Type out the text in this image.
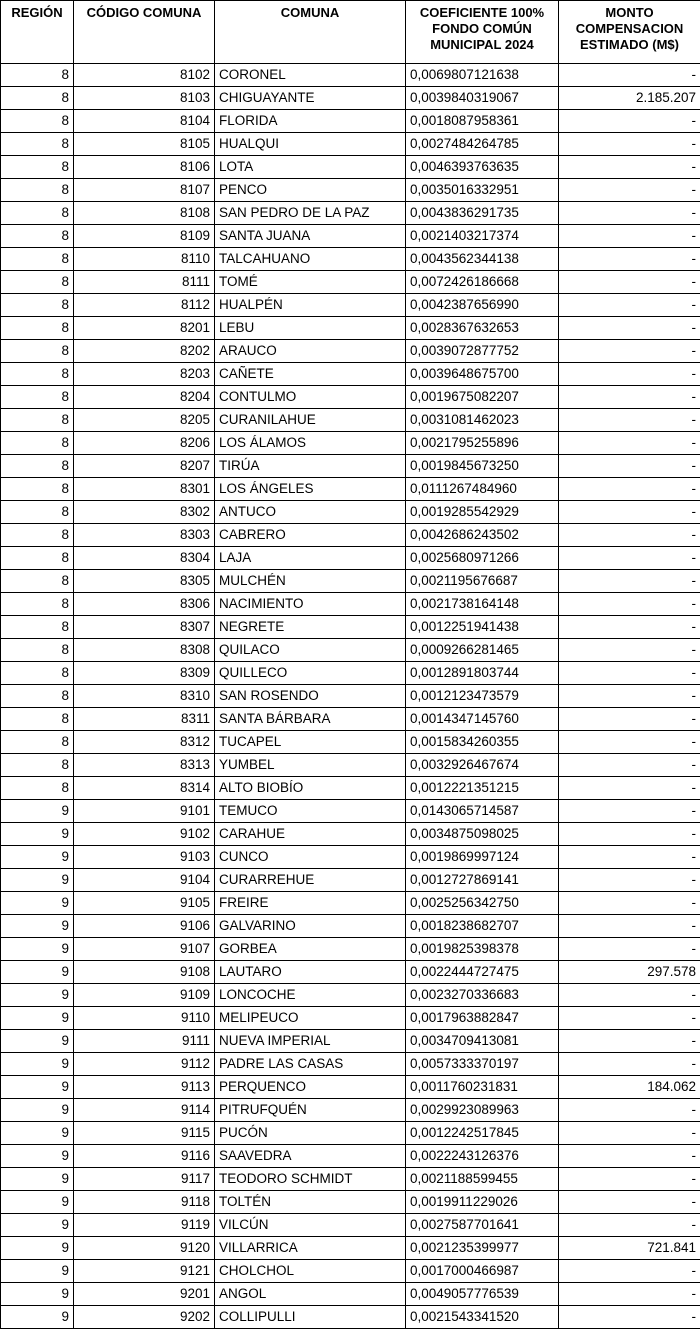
REGIÓN	CÓDIGO COMUNA	COMUNA	COEFICIENTE 100% FONDO COMÚN MUNICIPAL 2024	MONTO COMPENSACION ESTIMADO (M$)
8	8102	CORONEL	0,0069807121638	-
8	8103	CHIGUAYANTE	0,0039840319067	2.185.207
8	8104	FLORIDA	0,0018087958361	-
8	8105	HUALQUI	0,0027484264785	-
8	8106	LOTA	0,0046393763635	-
8	8107	PENCO	0,0035016332951	-
8	8108	SAN PEDRO DE LA PAZ	0,0043836291735	-
8	8109	SANTA JUANA	0,0021403217374	-
8	8110	TALCAHUANO	0,0043562344138	-
8	8111	TOMÉ	0,0072426186668	-
8	8112	HUALPÉN	0,0042387656990	-
8	8201	LEBU	0,0028367632653	-
8	8202	ARAUCO	0,0039072877752	-
8	8203	CAÑETE	0,0039648675700	-
8	8204	CONTULMO	0,0019675082207	-
8	8205	CURANILAHUE	0,0031081462023	-
8	8206	LOS ÁLAMOS	0,0021795255896	-
8	8207	TIRÚA	0,0019845673250	-
8	8301	LOS ÁNGELES	0,0111267484960	-
8	8302	ANTUCO	0,0019285542929	-
8	8303	CABRERO	0,0042686243502	-
8	8304	LAJA	0,0025680971266	-
8	8305	MULCHÉN	0,0021195676687	-
8	8306	NACIMIENTO	0,0021738164148	-
8	8307	NEGRETE	0,0012251941438	-
8	8308	QUILACO	0,0009266281465	-
8	8309	QUILLECO	0,0012891803744	-
8	8310	SAN ROSENDO	0,0012123473579	-
8	8311	SANTA BÁRBARA	0,0014347145760	-
8	8312	TUCAPEL	0,0015834260355	-
8	8313	YUMBEL	0,0032926467674	-
8	8314	ALTO BIOBÍO	0,0012221351215	-
9	9101	TEMUCO	0,0143065714587	-
9	9102	CARAHUE	0,0034875098025	-
9	9103	CUNCO	0,0019869997124	-
9	9104	CURARREHUE	0,0012727869141	-
9	9105	FREIRE	0,0025256342750	-
9	9106	GALVARINO	0,0018238682707	-
9	9107	GORBEA	0,0019825398378	-
9	9108	LAUTARO	0,0022444727475	297.578
9	9109	LONCOCHE	0,0023270336683	-
9	9110	MELIPEUCO	0,0017963882847	-
9	9111	NUEVA IMPERIAL	0,0034709413081	-
9	9112	PADRE LAS CASAS	0,0057333370197	-
9	9113	PERQUENCO	0,0011760231831	184.062
9	9114	PITRUFQUÉN	0,0029923089963	-
9	9115	PUCÓN	0,0012242517845	-
9	9116	SAAVEDRA	0,0022243126376	-
9	9117	TEODORO SCHMIDT	0,0021188599455	-
9	9118	TOLTÉN	0,0019911229026	-
9	9119	VILCÚN	0,0027587701641	-
9	9120	VILLARRICA	0,0021235399977	721.841
9	9121	CHOLCHOL	0,0017000466987	-
9	9201	ANGOL	0,0049057776539	-
9	9202	COLLIPULLI	0,0021543341520	-
